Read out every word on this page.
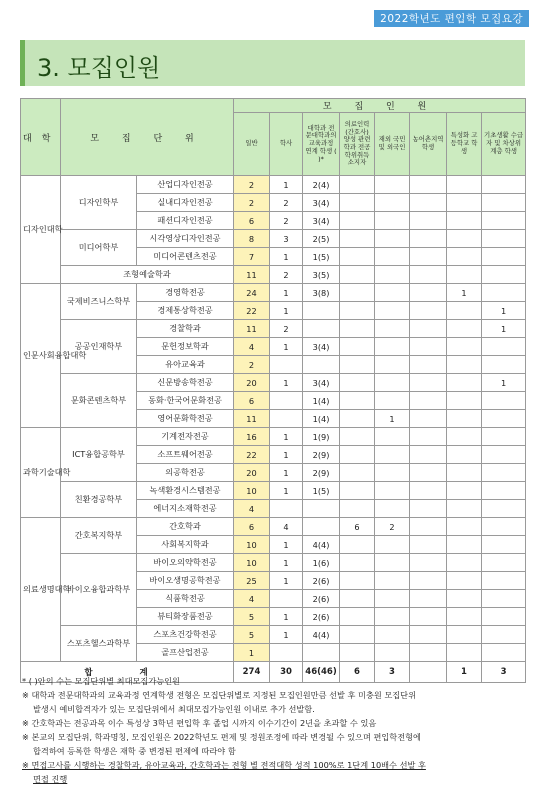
2022학년도 편입학 모집요강
3. 모집인원
대학	모 집 단 위		모 집 인 원							
			일반	학사	대학과 전문대학과의 교육과정 연계 학생 ( )*	의료인력 (간호사) 양성 관련학과 전공 학위취득 소지자	재외 국민 및 외국인	농어촌지역 학생	특성화 고등학교 학생	기초생활 수급자 및 차상위계층 학생
디자인대학	디자인학부	산업디자인전공	2	1	2(4)					
		실내디자인전공	2	2	3(4)					
		패션디자인전공	6	2	3(4)					
	미디어학부	시각영상디자인전공	8	3	2(5)					
		미디어콘텐츠전공	7	1	1(5)					
	조형예술학과		11	2	3(5)					
인문사회융합대학	국제비즈니스학부	경영학전공	24	1	3(8)				1	
		경제통상학전공	22	1						1
	공공인재학부	경찰학과	11	2						1
		문헌정보학과	4	1	3(4)					
		유아교육과	2							
	문화콘텐츠학부	신문방송학전공	20	1	3(4)					1
		동화·한국어문화전공	6		1(4)					
		영어문화학전공	11		1(4)		1			
과학기술대학	ICT융합공학부	기계전자전공	16	1	1(9)					
		소프트웨어전공	22	1	2(9)					
		의공학전공	20	1	2(9)					
	친환경공학부	녹색환경시스템전공	10	1	1(5)					
		에너지소재학전공	4							
의료생명대학	간호복지학부	간호학과	6	4		6	2			
		사회복지학과	10	1	4(4)					
	바이오융합과학부	바이오의약학전공	10	1	1(6)					
		바이오생명공학전공	25	1	2(6)					
		식품학전공	4		2(6)					
		뷰티화장품전공	5	1	2(6)					
	스포츠헬스과학부	스포츠건강학전공	5	1	4(4)					
		골프산업전공	1							
합 계			274	30	46(46)	6	3		1	3
* ( )안의 수는 모집단위별 최대모집가능인원
※ 대학과 전문대학과의 교육과정 연계학생 전형은 모집단위별로 지정된 모집인원만큼 선발 후 미충원 모집단위
발생시 예비합격자가 있는 모집단위에서 최대모집가능인원 이내로 추가 선발함.
※ 간호학과는 전공과목 이수 특성상 3학년 편입학 후 졸업 시까지 이수기간이 2년을 초과할 수 있음
※ 본교의 모집단위, 학과명칭, 모집인원은 2022학년도 편제 및 정원조정에 따라 변경될 수 있으며 편입학전형에
합격하여 등록한 학생은 재학 중 변경된 편제에 따라야 함
※ 면접고사를 시행하는 경찰학과, 유아교육과, 간호학과는 전형 별 전적대학 성적 100%로 1단계 10배수 선발 후
면접 진행
